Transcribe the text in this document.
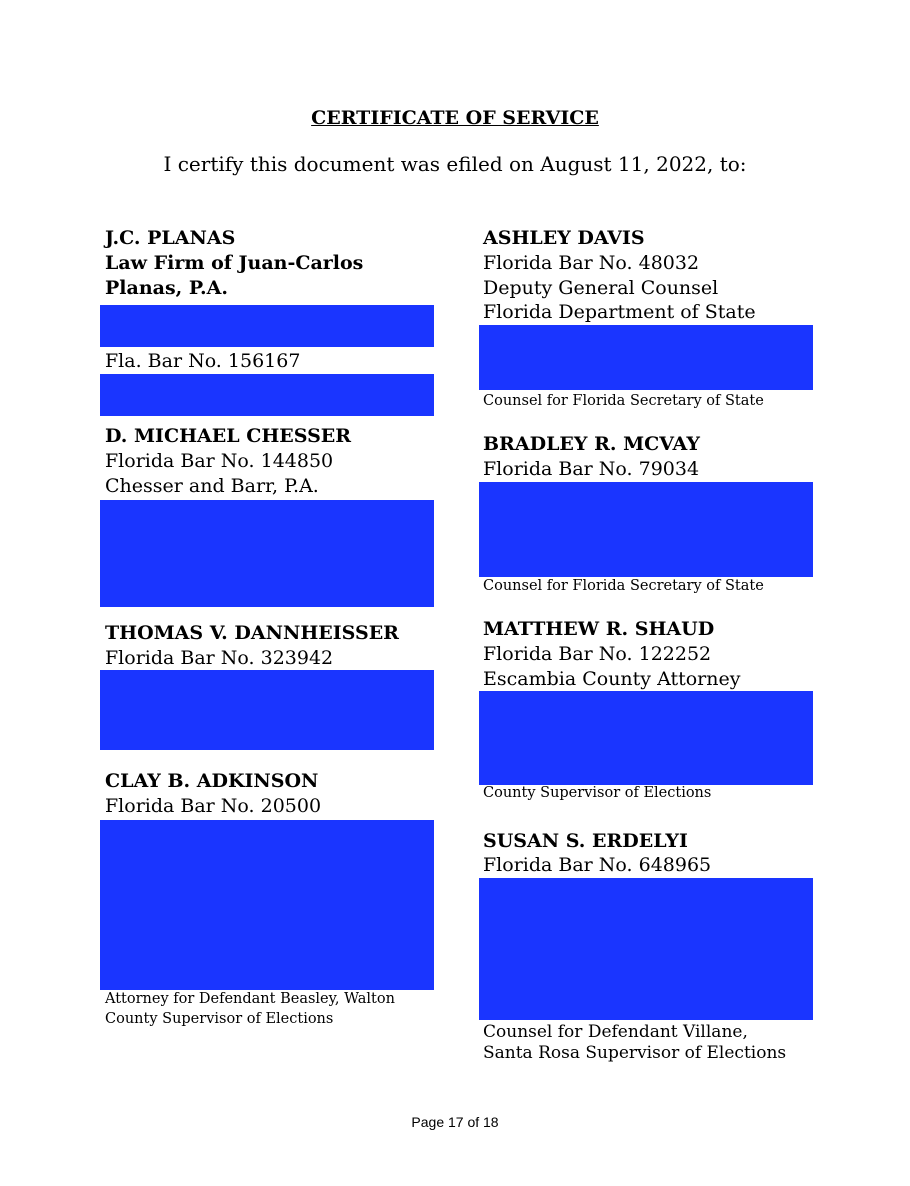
CERTIFICATE OF SERVICE
I certify this document was efiled on August 11, 2022, to:
J.C. PLANAS
Law Firm of Juan-Carlos
Planas, P.A.
Fla. Bar No. 156167
D. MICHAEL CHESSER
Florida Bar No. 144850
Chesser and Barr, P.A.
THOMAS V. DANNHEISSER
Florida Bar No. 323942
CLAY B. ADKINSON
Florida Bar No. 20500
Attorney for Defendant Beasley, Walton
County Supervisor of Elections
ASHLEY DAVIS
Florida Bar No. 48032
Deputy General Counsel
Florida Department of State
Counsel for Florida Secretary of State
BRADLEY R. MCVAY
Florida Bar No. 79034
Counsel for Florida Secretary of State
MATTHEW R. SHAUD
Florida Bar No. 122252
Escambia County Attorney
County Supervisor of Elections
SUSAN S. ERDELYI
Florida Bar No. 648965
Counsel for Defendant Villane,
Santa Rosa Supervisor of Elections
Page 17 of 18
